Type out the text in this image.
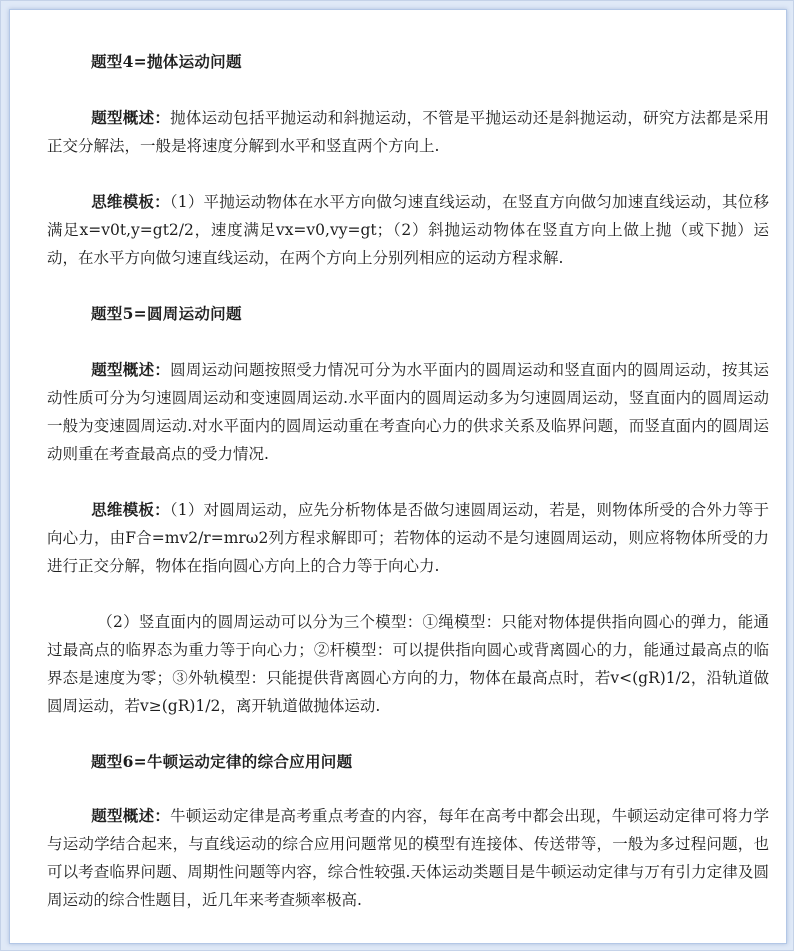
题型4=抛体运动问题

题型概述：抛体运动包括平抛运动和斜抛运动，不管是平抛运动还是斜抛运动，研究方法都是采用正交分解法，一般是将速度分解到水平和竖直两个方向上.

思维模板：（1）平抛运动物体在水平方向做匀速直线运动，在竖直方向做匀加速直线运动，其位移满足x=v0t,y=gt2/2，速度满足vx=v0,vy=gt；（2）斜抛运动物体在竖直方向上做上抛（或下抛）运动，在水平方向做匀速直线运动，在两个方向上分别列相应的运动方程求解.

题型5=圆周运动问题

题型概述：圆周运动问题按照受力情况可分为水平面内的圆周运动和竖直面内的圆周运动，按其运动性质可分为匀速圆周运动和变速圆周运动.水平面内的圆周运动多为匀速圆周运动，竖直面内的圆周运动一般为变速圆周运动.对水平面内的圆周运动重在考查向心力的供求关系及临界问题，而竖直面内的圆周运动则重在考查最高点的受力情况.

思维模板：（1）对圆周运动，应先分析物体是否做匀速圆周运动，若是，则物体所受的合外力等于向心力，由F合=mv2/r=mrω2列方程求解即可；若物体的运动不是匀速圆周运动，则应将物体所受的力进行正交分解，物体在指向圆心方向上的合力等于向心力.

（2）竖直面内的圆周运动可以分为三个模型：①绳模型：只能对物体提供指向圆心的弹力，能通过最高点的临界态为重力等于向心力；②杆模型：可以提供指向圆心或背离圆心的力，能通过最高点的临界态是速度为零；③外轨模型：只能提供背离圆心方向的力，物体在最高点时，若v<(gR)1/2，沿轨道做圆周运动，若v≥(gR)1/2，离开轨道做抛体运动.

题型6=牛顿运动定律的综合应用问题

题型概述：牛顿运动定律是高考重点考查的内容，每年在高考中都会出现，牛顿运动定律可将力学与运动学结合起来，与直线运动的综合应用问题常见的模型有连接体、传送带等，一般为多过程问题，也可以考查临界问题、周期性问题等内容，综合性较强.天体运动类题目是牛顿运动定律与万有引力定律及圆周运动的综合性题目，近几年来考查频率极高.
